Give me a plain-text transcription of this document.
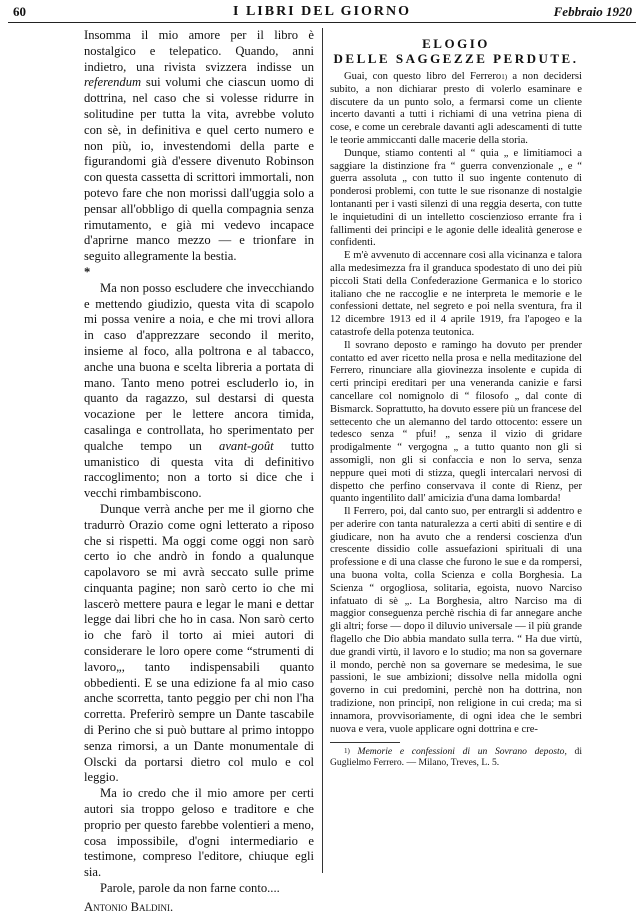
60	I LIBRI DEL GIORNO	Febbraio 1920

Insomma il mio amore per il libro è nostalgico e telepatico. Quando, anni indietro, una rivista svizzera indisse un referendum sui volumi che ciascun uomo di dottrina, nel caso che si volesse ridurre in solitudine per tutta la vita, avrebbe voluto con sè, in definitiva e quel certo numero e non più, io, investendomi della parte e figurandomi già d'essere divenuto Robinson con questa cassetta di scrittori immortali, non potevo fare che non morissi dall'uggia solo a pensar all'obbligo di quella compagnia senza rimutamento, e già mi vedevo incapace d'aprirne manco mezzo — e trionfare in seguito allegramente la bestia.

*

Ma non posso escludere che invecchiando e mettendo giudizio, questa vita di scapolo mi possa venire a noia, e che mi trovi allora in caso d'apprezzare secondo il merito, insieme al foco, alla poltrona e al tabacco, anche una buona e scelta libreria a portata di mano. Tanto meno potrei escluderlo io, in quanto da ragazzo, sul destarsi di questa vocazione per le lettere ancora timida, casalinga e controllata, ho sperimentato per qualche tempo un avant-goût tutto umanistico di questa vita di definitivo raccoglimento; non a torto si dice che i vecchi rimbambiscono.

Dunque verrà anche per me il giorno che tradurrò Orazio come ogni letterato a riposo che si rispetti. Ma oggi come oggi non sarò certo io che andrò in fondo a qualunque capolavoro se mi avrà seccato sulle prime cinquanta pagine; non sarò certo io che mi lascerò mettere paura e legar le mani e dettar legge dai libri che ho in casa. Non sarò certo io che farò il torto ai miei autori di considerare le loro opere come “strumenti di lavoro„, tanto indispensabili quanto obbedienti. E se una edizione fa al mio caso anche scorretta, tanto peggio per chi non l'ha corretta. Preferirò sempre un Dante tascabile di Perino che si può buttare al primo intoppo senza rimorsi, a un Dante monumentale di Olscki da portarsi dietro col mulo e col leggio.

Ma io credo che il mio amore per certi autori sia troppo geloso e traditore e che proprio per questo farebbe volentieri a meno, cosa impossibile, d'ogni intermediario e testimone, compreso l'editore, chiuque egli sia.

Parole, parole da non farne conto....

Antonio Baldini.

ELOGIO
DELLE SAGGEZZE PERDUTE.

Guai, con questo libro del Ferrero$^{1)}$ a non decidersi subito, a non dichiarar presto di volerlo esaminare e discutere da un punto solo, a fermarsi come un cliente incerto davanti a tutti i richiami di una vetrina piena di cose, e come un cerebrale davanti agli adescamenti di tutte le teorie ammiccanti dalle macerie della storia.

Dunque, stiamo contenti al “ quia „ e limitiamoci a saggiare la distinzione fra “ guerra convenzionale „ e “ guerra assoluta „ con tutto il suo ingente contenuto di ponderosi problemi, con tutte le sue risonanze di nostalgie lontananti per i vasti silenzi di una reggia deserta, con tutte le inquietudini di un intelletto coscienzioso errante fra i fallimenti dei principi e le agonie delle idealità generose e confidenti.

E m'è avvenuto di accennare così alla vicinanza e talora alla medesimezza fra il granduca spodestato di uno dei più piccoli Stati della Confederazione Germanica e lo storico italiano che ne raccoglie e ne interpreta le memorie e le confessioni dettate, nel segreto e poi nella sventura, fra il 12 dicembre 1913 ed il 4 aprile 1919, fra l'apogeo e la catastrofe della potenza teutonica.

Il sovrano deposto e ramingo ha dovuto per prender contatto ed aver ricetto nella prosa e nella meditazione del Ferrero, rinunciare alla giovinezza insolente e cupida di certi principi ereditari per una veneranda canizie e farsi cancellare col nomignolo di “ filosofo „ dal conte di Bismarck. Soprattutto, ha dovuto essere più un francese del settecento che un alemanno del tardo ottocento: essere un tedesco senza “ pfui! „ senza il vizio di gridare prodigalmente “ vergogna „ a tutto quanto non gli si assomigli, non gli si confaccia e non lo serva, senza neppure quei moti di stizza, quegli intercalari nervosi di dispetto che perfino conservava il conte di Rienz, per quanto ingentilito dall' amicizia d'una dama lombarda!

Il Ferrero, poi, dal canto suo, per entrargli sì addentro e per aderire con tanta naturalezza a certi abiti di sentire e di giudicare, non ha avuto che a rendersi coscienza d'un crescente dissidio colle assuefazioni spirituali di una professione e di una classe che furono le sue e da rompersi, una buona volta, colla Scienza e colla Borghesia. La Scienza “ orgogliosa, solitaria, egoista, nuovo Narciso infatuato di sè „. La Borghesia, altro Narciso ma di maggior conseguenza perchè rischia di far annegare anche gli altri; forse — dopo il diluvio universale — il più grande flagello che Dio abbia mandato sulla terra. “ Ha due virtù, due grandi virtù, il lavoro e lo studio; ma non sa governare il mondo, perchè non sa governare se medesima, le sue passioni, le sue ambizioni; dissolve nella midolla ogni governo in cui predomini, perchè non ha dottrina, non tradizione, non principî, non religione in cui creda; ma si innamora, provvisoriamente, di ogni idea che le sembri nuova e vera, vuole applicare ogni dottrina e cre-

$^{1)}$ Memorie e confessioni di un Sovrano deposto, di Guglielmo Ferrero. — Milano, Treves, L. 5.
